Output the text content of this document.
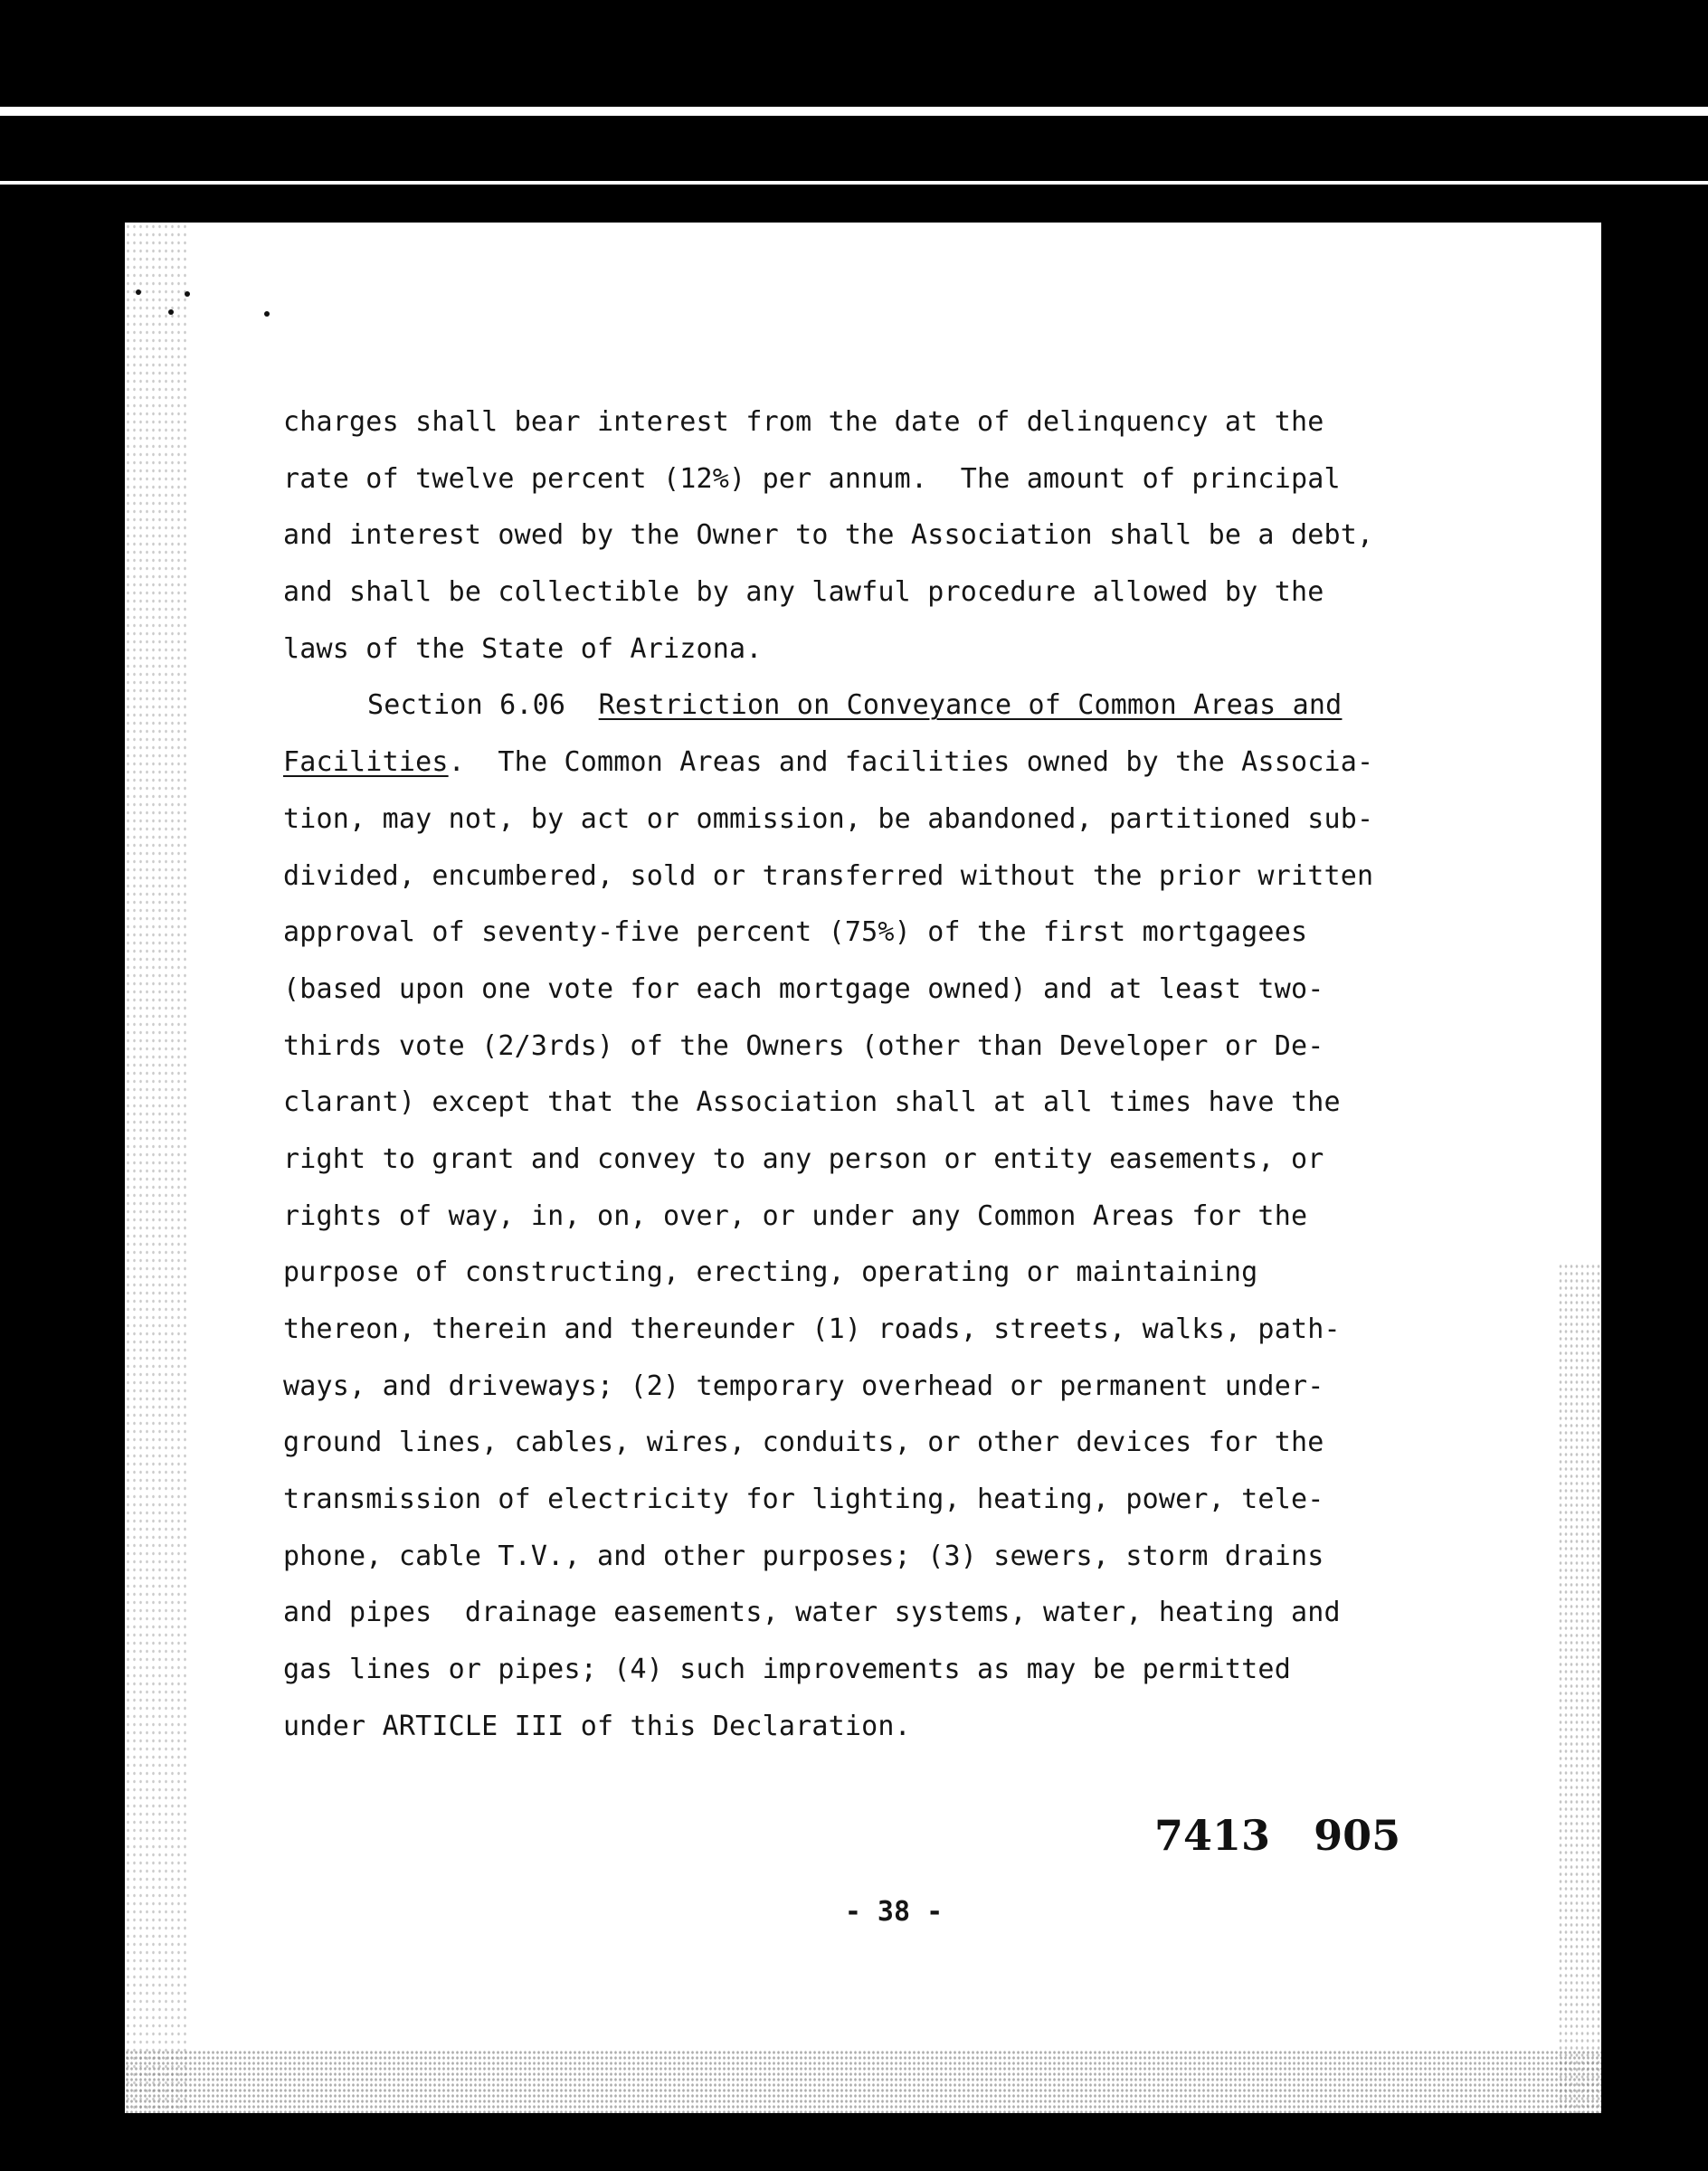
charges shall bear interest from the date of delinquency at the
rate of twelve percent (12%) per annum.  The amount of principal
and interest owed by the Owner to the Association shall be a debt,
and shall be collectible by any lawful procedure allowed by the
laws of the State of Arizona.
Section 6.06 Restriction on Conveyance of Common Areas and
Facilities.  The Common Areas and facilities owned by the Associa-
tion, may not, by act or ommission, be abandoned, partitioned sub-
divided, encumbered, sold or transferred without the prior written
approval of seventy-five percent (75%) of the first mortgagees
(based upon one vote for each mortgage owned) and at least two-
thirds vote (2/3rds) of the Owners (other than Developer or De-
clarant) except that the Association shall at all times have the
right to grant and convey to any person or entity easements, or
rights of way, in, on, over, or under any Common Areas for the
purpose of constructing, erecting, operating or maintaining
thereon, therein and thereunder (1) roads, streets, walks, path-
ways, and driveways; (2) temporary overhead or permanent under-
ground lines, cables, wires, conduits, or other devices for the
transmission of electricity for lighting, heating, power, tele-
phone, cable T.V., and other purposes; (3) sewers, storm drains
and pipes  drainage easements, water systems, water, heating and
gas lines or pipes; (4) such improvements as may be permitted
under ARTICLE III of this Declaration.
7413   905
- 38 -
